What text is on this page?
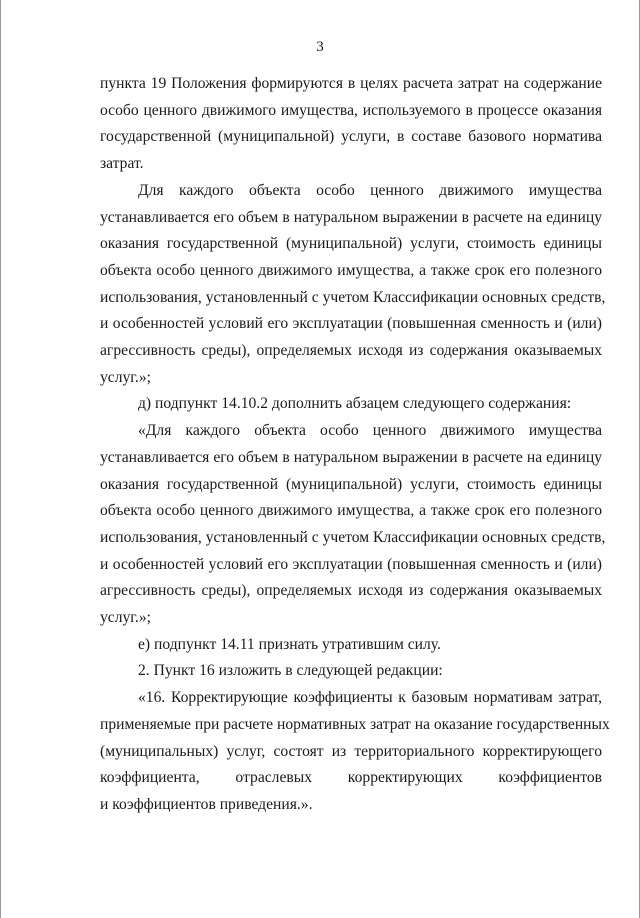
3
пункта 19 Положения формируются в целях расчета затрат на содержание
особо ценного движимого имущества, используемого в процессе оказания
государственной (муниципальной) услуги, в составе базового норматива
затрат.
Для каждого объекта особо ценного движимого имущества
устанавливается его объем в натуральном выражении в расчете на единицу
оказания государственной (муниципальной) услуги, стоимость единицы
объекта особо ценного движимого имущества, а также срок его полезного
использования, установленный с учетом Классификации основных средств,
и особенностей условий его эксплуатации (повышенная сменность и (или)
агрессивность среды), определяемых исходя из содержания оказываемых
услуг.»;
д) подпункт 14.10.2 дополнить абзацем следующего содержания:
«Для каждого объекта особо ценного движимого имущества
устанавливается его объем в натуральном выражении в расчете на единицу
оказания государственной (муниципальной) услуги, стоимость единицы
объекта особо ценного движимого имущества, а также срок его полезного
использования, установленный с учетом Классификации основных средств,
и особенностей условий его эксплуатации (повышенная сменность и (или)
агрессивность среды), определяемых исходя из содержания оказываемых
услуг.»;
е) подпункт 14.11 признать утратившим силу.
2. Пункт 16 изложить в следующей редакции:
«16. Корректирующие коэффициенты к базовым нормативам затрат,
применяемые при расчете нормативных затрат на оказание государственных
(муниципальных) услуг, состоят из территориального корректирующего
коэффициента, отраслевых корректирующих коэффициентов
и коэффициентов приведения.».
